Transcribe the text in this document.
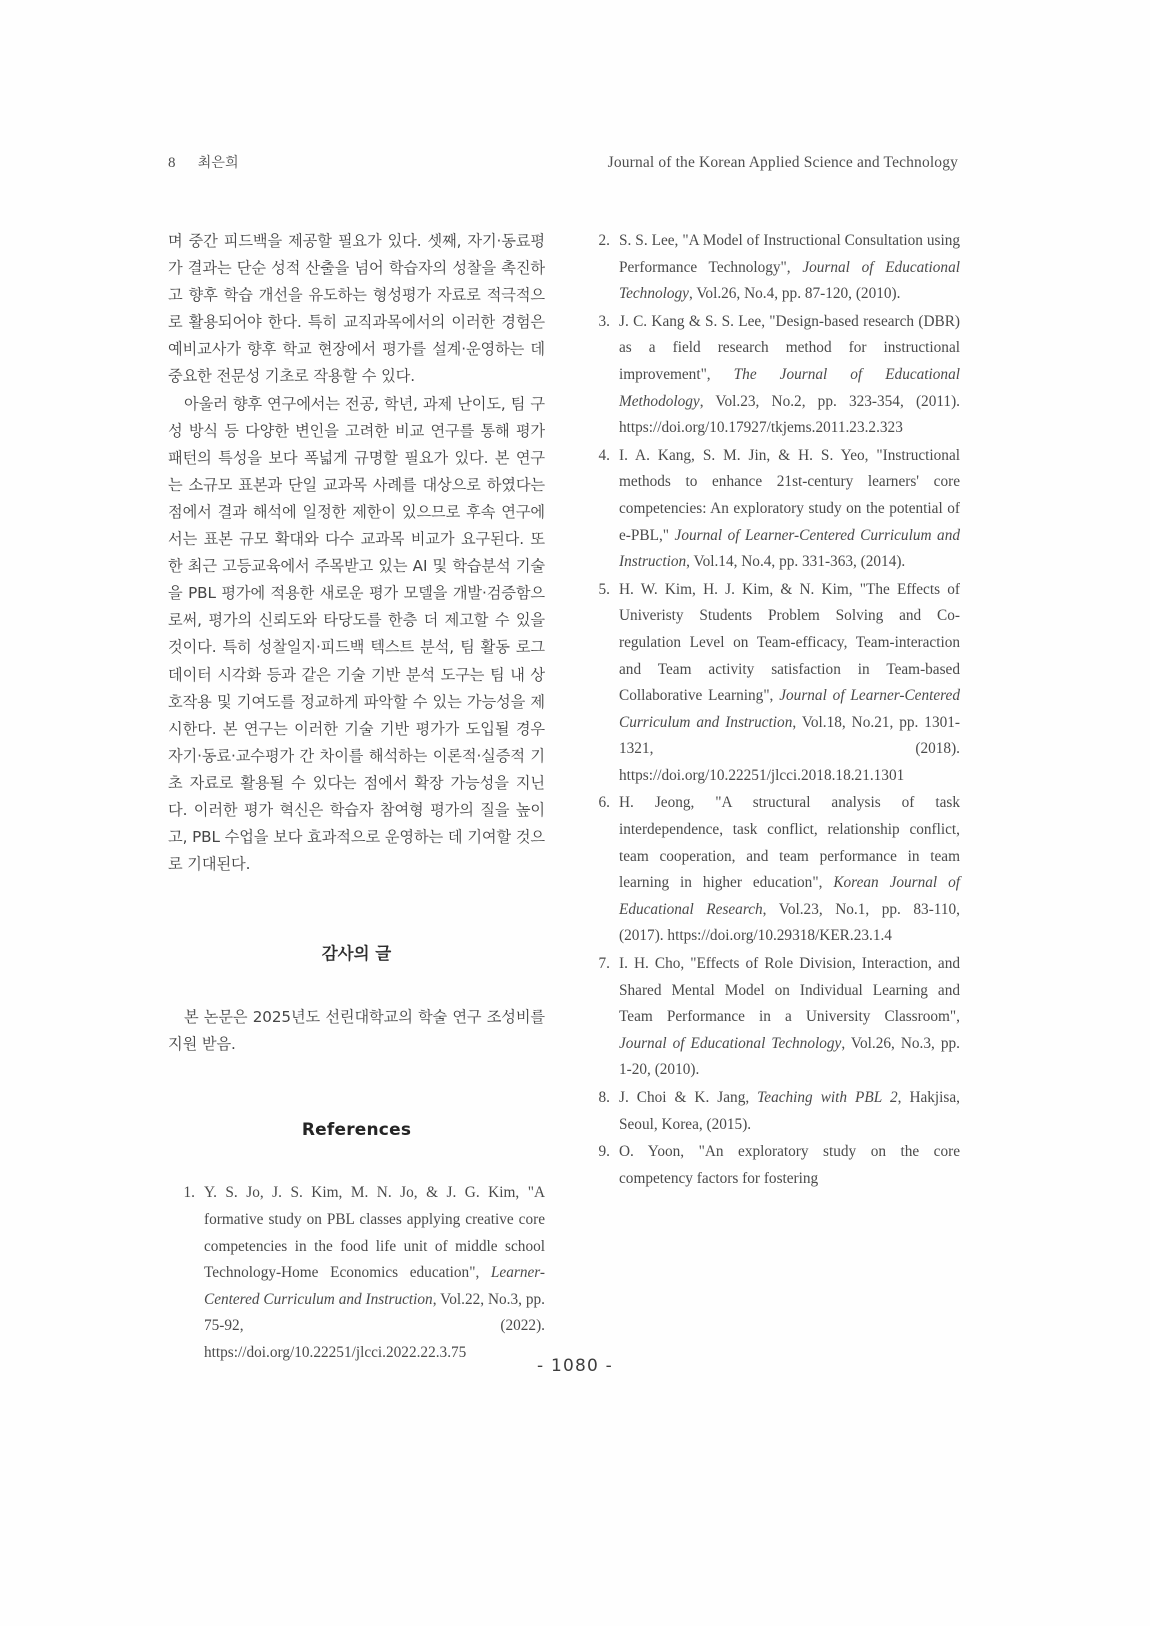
8 최은희	Journal of the Korean Applied Science and Technology

며 중간 피드백을 제공할 필요가 있다. 셋째, 자기·동료평가 결과는 단순 성적 산출을 넘어 학습자의 성찰을 촉진하고 향후 학습 개선을 유도하는 형성평가 자료로 적극적으로 활용되어야 한다. 특히 교직과목에서의 이러한 경험은 예비교사가 향후 학교 현장에서 평가를 설계·운영하는 데 중요한 전문성 기초로 작용할 수 있다.

아울러 향후 연구에서는 전공, 학년, 과제 난이도, 팀 구성 방식 등 다양한 변인을 고려한 비교 연구를 통해 평가 패턴의 특성을 보다 폭넓게 규명할 필요가 있다. 본 연구는 소규모 표본과 단일 교과목 사례를 대상으로 하였다는 점에서 결과 해석에 일정한 제한이 있으므로 후속 연구에서는 표본 규모 확대와 다수 교과목 비교가 요구된다. 또한 최근 고등교육에서 주목받고 있는 AI 및 학습분석 기술을 PBL 평가에 적용한 새로운 평가 모델을 개발·검증함으로써, 평가의 신뢰도와 타당도를 한층 더 제고할 수 있을 것이다. 특히 성찰일지·피드백 텍스트 분석, 팀 활동 로그 데이터 시각화 등과 같은 기술 기반 분석 도구는 팀 내 상호작용 및 기여도를 정교하게 파악할 수 있는 가능성을 제시한다. 본 연구는 이러한 기술 기반 평가가 도입될 경우 자기·동료·교수평가 간 차이를 해석하는 이론적·실증적 기초 자료로 활용될 수 있다는 점에서 확장 가능성을 지닌다. 이러한 평가 혁신은 학습자 참여형 평가의 질을 높이고, PBL 수업을 보다 효과적으로 운영하는 데 기여할 것으로 기대된다.

감사의 글

본 논문은 2025년도 선린대학교의 학술 연구 조성비를 지원 받음.

References
1. Y. S. Jo, J. S. Kim, M. N. Jo, & J. G. Kim, "A formative study on PBL classes applying creative core competencies in the food life unit of middle school Technology-Home Economics education", Learner-Centered Curriculum and Instruction, Vol.22, No.3, pp. 75-92, (2022). https://doi.org/10.22251/jlcci.2022.22.3.75
2. S. S. Lee, "A Model of Instructional Consultation using Performance Technology", Journal of Educational Technology, Vol.26, No.4, pp. 87-120, (2010).
3. J. C. Kang & S. S. Lee, "Design-based research (DBR) as a field research method for instructional improvement", The Journal of Educational Methodology, Vol.23, No.2, pp. 323-354, (2011). https://doi.org/10.17927/tkjems.2011.23.2.323
4. I. A. Kang, S. M. Jin, & H. S. Yeo, "Instructional methods to enhance 21st-century learners' core competencies: An exploratory study on the potential of e-PBL," Journal of Learner-Centered Curriculum and Instruction, Vol.14, No.4, pp. 331-363, (2014).
5. H. W. Kim, H. J. Kim, & N. Kim, "The Effects of Univeristy Students Problem Solving and Co-regulation Level on Team-efficacy, Team-interaction and Team activity satisfaction in Team-based Collaborative Learning", Journal of Learner-Centered Curriculum and Instruction, Vol.18, No.21, pp. 1301-1321, (2018). https://doi.org/10.22251/jlcci.2018.18.21.1301
6. H. Jeong, "A structural analysis of task interdependence, task conflict, relationship conflict, team cooperation, and team performance in team learning in higher education", Korean Journal of Educational Research, Vol.23, No.1, pp. 83-110, (2017). https://doi.org/10.29318/KER.23.1.4
7. I. H. Cho, "Effects of Role Division, Interaction, and Shared Mental Model on Individual Learning and Team Performance in a University Classroom", Journal of Educational Technology, Vol.26, No.3, pp. 1-20, (2010).
8. J. Choi & K. Jang, Teaching with PBL 2, Hakjisa, Seoul, Korea, (2015).
9. O. Yoon, "An exploratory study on the core competency factors for fostering
- 1080 -
